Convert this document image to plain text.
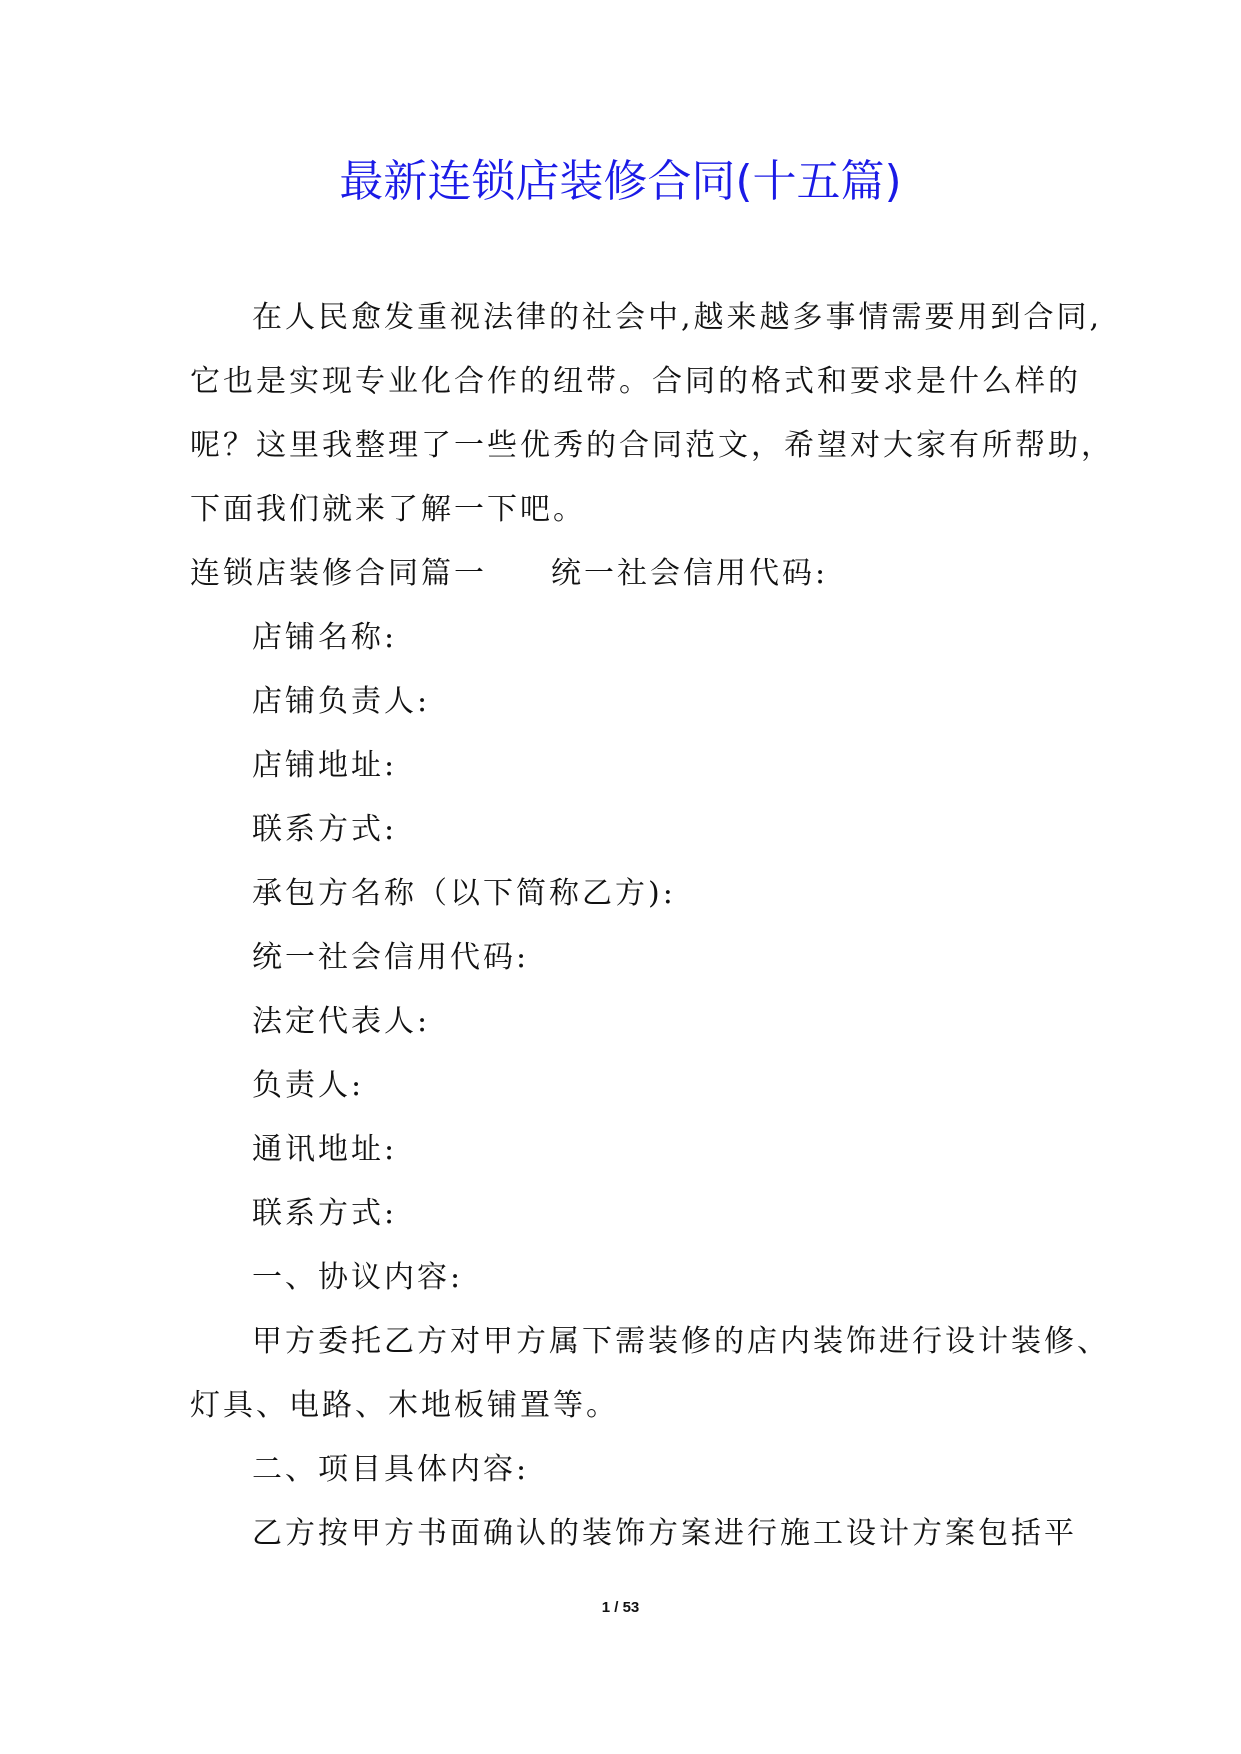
最新连锁店装修合同(十五篇)
在人民愈发重视法律的社会中,越来越多事情需要用到合同,
它也是实现专业化合作的纽带。合同的格式和要求是什么样的
呢？这里我整理了一些优秀的合同范文，希望对大家有所帮助，
下面我们就来了解一下吧。
连锁店装修合同篇一 统一社会信用代码:
店铺名称:
店铺负责人:
店铺地址:
联系方式:
承包方名称（以下简称乙方):
统一社会信用代码:
法定代表人:
负责人:
通讯地址:
联系方式:
一、协议内容:
甲方委托乙方对甲方属下需装修的店内装饰进行设计装修、
灯具、电路、木地板铺置等。
二、项目具体内容:
乙方按甲方书面确认的装饰方案进行施工设计方案包括平
1 / 53
